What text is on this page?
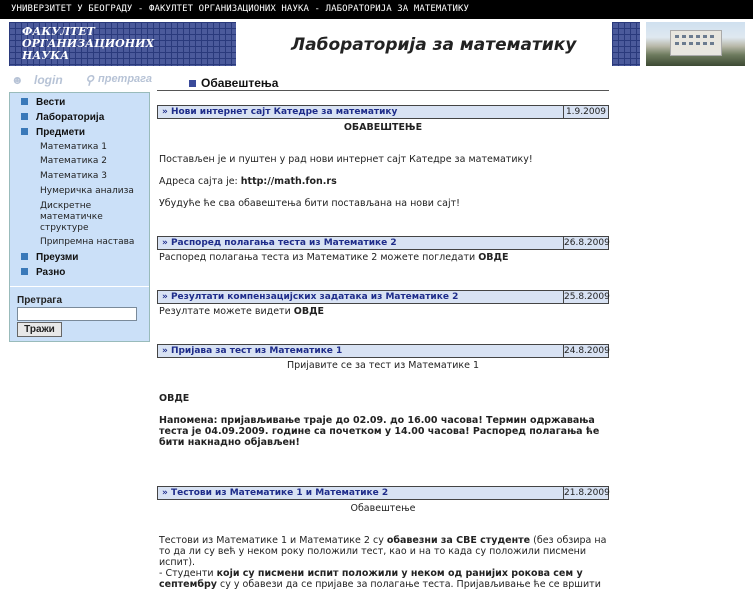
УНИВЕРЗИТЕТ У БЕОГРАДУ - ФАКУЛТЕТ ОРГАНИЗАЦИОНИХ НАУКА - ЛАБОРАТОРИЈА ЗА МАТЕМАТИКУ
ФАКУЛТЕТ
ОРГАНИЗАЦИОНИХ
НАУКА
Лабораторија за математику
☻ login ⚲ претрага
Вести
Лабораторија
Предмети
Математика 1
Математика 2
Математика 3
Нумеричка анализа
Дискретне математичке структуре
Припремна настава
Преузми
Разно
Претрага
Тражи
Обавештења
» Нови интернет сајт Катедре за математику	1.9.2009
ОБАВЕШТЕЊЕ
Постављен је и пуштен у рад нови интернет сајт Катедре за математику!
Адреса сајта је: http://math.fon.rs
Убудуће ће сва обавештења бити постављана на нови сајт!
» Распоред полагања теста из Математике 2	26.8.2009
Распоред полагања теста из Математике 2 можете погледати ОВДЕ
» Резултати компензацијских задатака из Математике 2	25.8.2009
Резултате можете видети ОВДЕ
» Пријава за тест из Математике 1	24.8.2009
Пријавите се за тест из Математике 1
ОВДЕ
Напомена: пријављивање траје до 02.09. до 16.00 часова! Термин одржавања теста је 04.09.2009. године са почетком у 14.00 часова! Распоред полагања ће бити накнадно објављен!
» Тестови из Математике 1 и Математике 2	21.8.2009
Обавештење
Тестови из Математике 1 и Математике 2 су обавезни за СВЕ студенте (без обзира на то да ли су већ у неком року положили тест, као и на то када су положили писмени испит).
- Студенти који су писмени испит положили у неком од ранијих рокова сем у септембру су у обавези да се пријаве за полагање теста. Пријављивање ће се вршити
